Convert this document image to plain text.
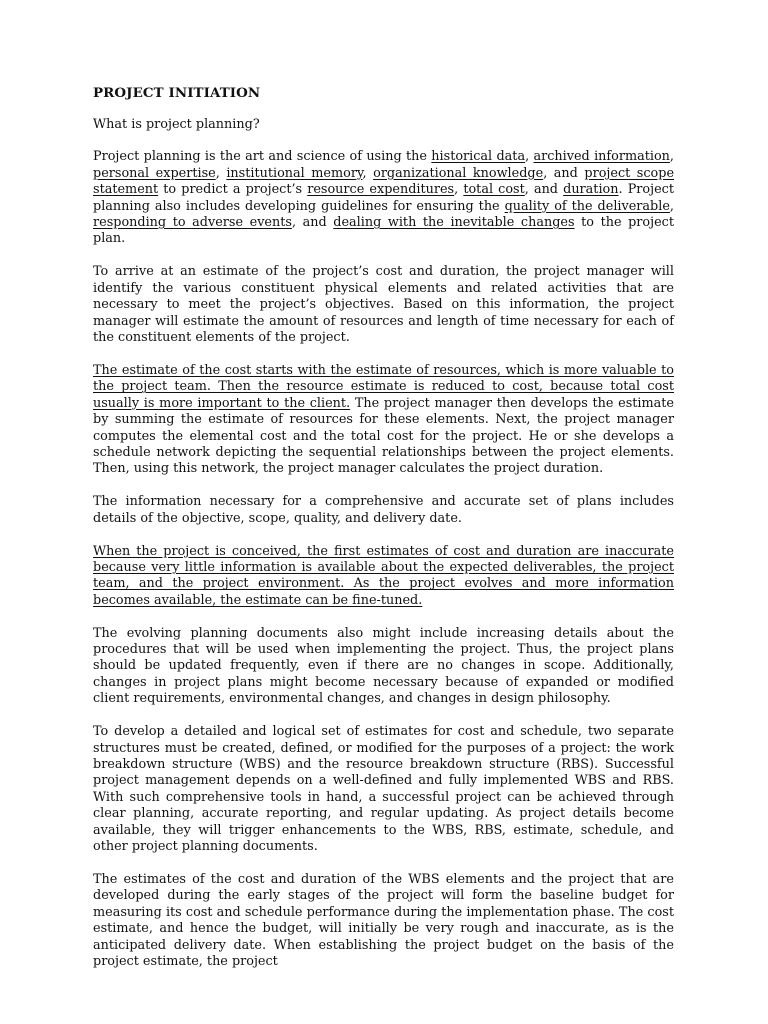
PROJECT INITIATION

What is project planning?

Project planning is the art and science of using the historical data, archived information, personal expertise, institutional memory, organizational knowledge, and project scope statement to predict a project’s resource expenditures, total cost, and duration. Project planning also includes developing guidelines for ensuring the quality of the deliverable, responding to adverse events, and dealing with the inevitable changes to the project plan.

To arrive at an estimate of the project’s cost and duration, the project manager will identify the various constituent physical elements and related activities that are necessary to meet the project’s objectives. Based on this information, the project manager will estimate the amount of resources and length of time necessary for each of the constituent elements of the project.

The estimate of the cost starts with the estimate of resources, which is more valuable to the project team. Then the resource estimate is reduced to cost, because total cost usually is more important to the client. The project manager then develops the estimate by summing the estimate of resources for these elements. Next, the project manager computes the elemental cost and the total cost for the project. He or she develops a schedule network depicting the sequential relationships between the project elements. Then, using this network, the project manager calculates the project duration.

The information necessary for a comprehensive and accurate set of plans includes details of the objective, scope, quality, and delivery date.

When the project is conceived, the first estimates of cost and duration are inaccurate because very little information is available about the expected deliverables, the project team, and the project environment. As the project evolves and more information becomes available, the estimate can be fine-tuned.

The evolving planning documents also might include increasing details about the procedures that will be used when implementing the project. Thus, the project plans should be updated frequently, even if there are no changes in scope. Additionally, changes in project plans might become necessary because of expanded or modified client requirements, environmental changes, and changes in design philosophy.

To develop a detailed and logical set of estimates for cost and schedule, two separate structures must be created, defined, or modified for the purposes of a project: the work breakdown structure (WBS) and the resource breakdown structure (RBS). Successful project management depends on a well-defined and fully implemented WBS and RBS. With such comprehensive tools in hand, a successful project can be achieved through clear planning, accurate reporting, and regular updating. As project details become available, they will trigger enhancements to the WBS, RBS, estimate, schedule, and other project planning documents.

The estimates of the cost and duration of the WBS elements and the project that are developed during the early stages of the project will form the baseline budget for measuring its cost and schedule performance during the implementation phase. The cost estimate, and hence the budget, will initially be very rough and inaccurate, as is the anticipated delivery date. When establishing the project budget on the basis of the project estimate, the project
